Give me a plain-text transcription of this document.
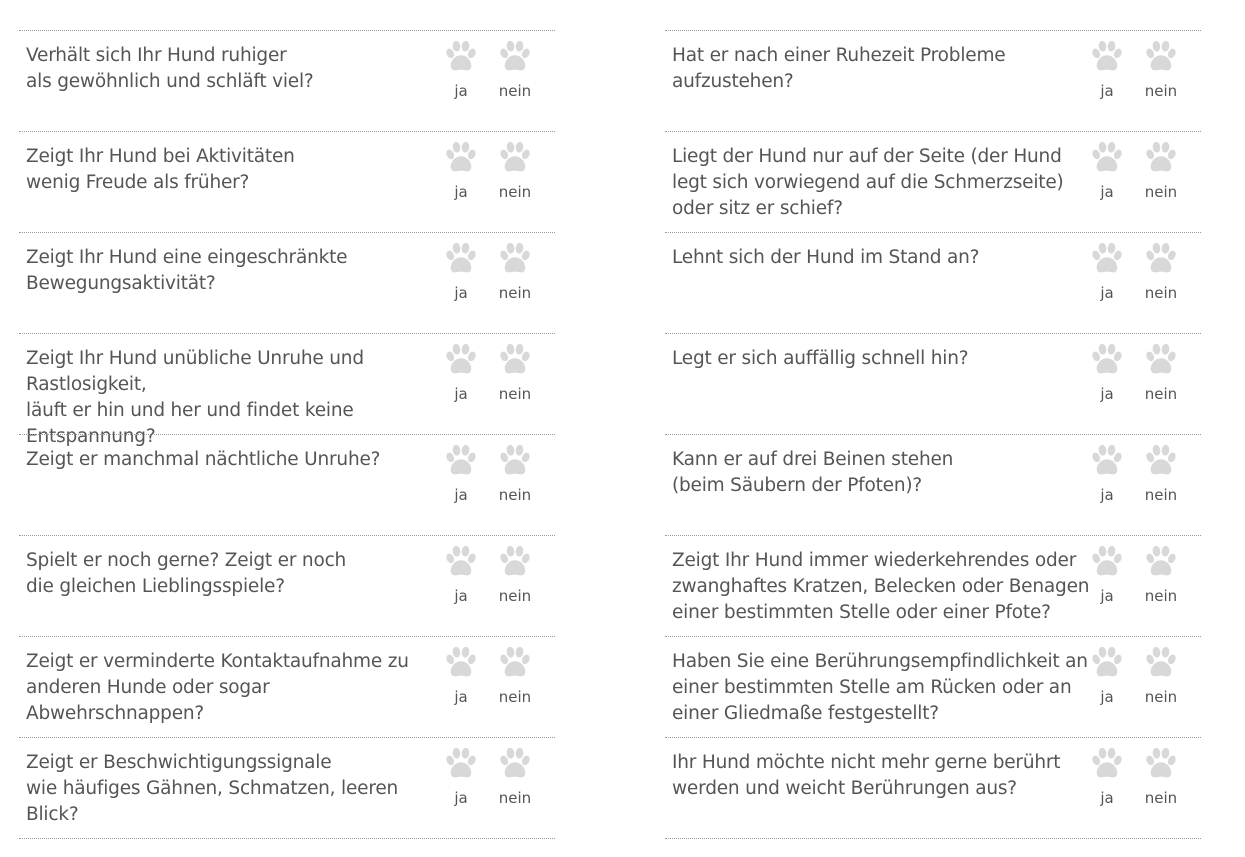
Verhält sich Ihr Hund ruhiger
als gewöhnlich und schläft viel?	ja	nein
Zeigt Ihr Hund bei Aktivitäten
wenig Freude als früher?	ja	nein
Zeigt Ihr Hund eine eingeschränkte
Bewegungsaktivität?	ja	nein
Zeigt Ihr Hund unübliche Unruhe und Rastlosigkeit,
läuft er hin und her und findet keine Entspannung?
ja	nein
Zeigt er manchmal nächtliche Unruhe?
ja	nein
Spielt er noch gerne? Zeigt er noch
die gleichen Lieblingsspiele?	ja	nein
Zeigt er verminderte Kontaktaufnahme zu
anderen Hunde oder sogar Abwehrschnappen?
ja	nein
Zeigt er Beschwichtigungssignale
wie häufiges Gähnen, Schmatzen, leeren Blick?
ja	nein
Hat er nach einer Ruhezeit Probleme aufzustehen?	ja	nein
Liegt der Hund nur auf der Seite (der Hund
legt sich vorwiegend auf die Schmerzseite)
oder sitz er schief?
ja	nein
Lehnt sich der Hund im Stand an?
ja	nein
Legt er sich auffällig schnell hin?
ja	nein
Kann er auf drei Beinen stehen
(beim Säubern der Pfoten)?	ja	nein
Zeigt Ihr Hund immer wiederkehrendes oder
zwanghaftes Kratzen, Belecken oder Benagen
einer bestimmten Stelle oder einer Pfote?
ja	nein
Haben Sie eine Berührungsempfindlichkeit an
einer bestimmten Stelle am Rücken oder an
einer Gliedmaße festgestellt?
ja	nein
Ihr Hund möchte nicht mehr gerne berührt
werden und weicht Berührungen aus?	ja	nein
